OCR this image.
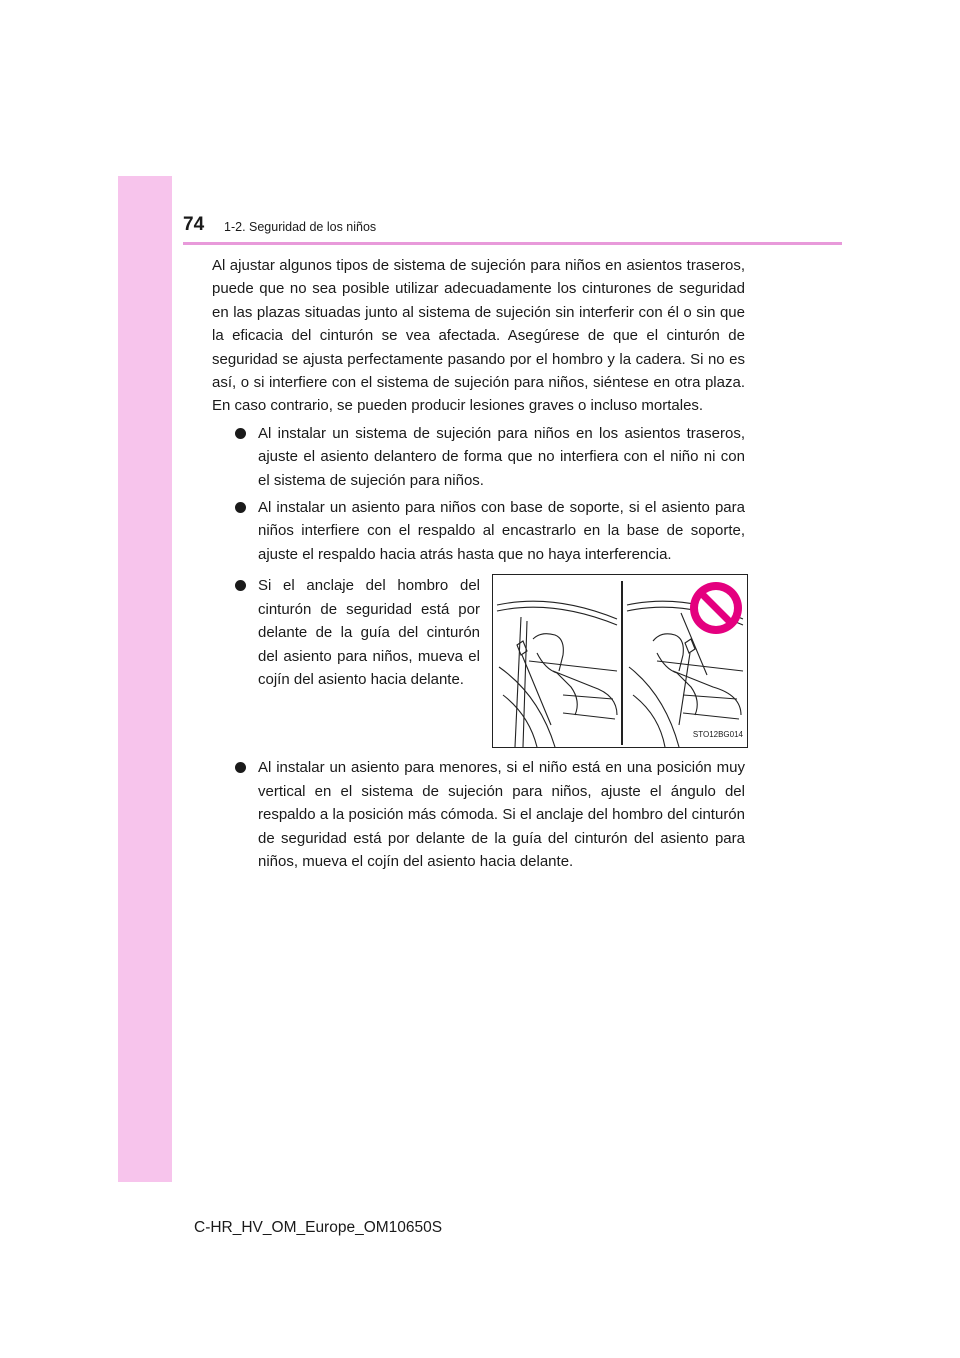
74 1-2. Seguridad de los niños

Al ajustar algunos tipos de sistema de sujeción para niños en asientos traseros, puede que no sea posible utilizar adecuadamente los cinturones de seguridad en las plazas situadas junto al sistema de sujeción sin interferir con él o sin que la eficacia del cinturón se vea afectada. Asegúrese de que el cinturón de seguridad se ajusta perfectamente pasando por el hombro y la cadera. Si no es así, o si interfiere con el sistema de sujeción para niños, siéntese en otra plaza. En caso contrario, se pueden producir lesiones graves o incluso mortales.

Al instalar un sistema de sujeción para niños en los asientos traseros, ajuste el asiento delantero de forma que no interfiera con el niño ni con el sistema de sujeción para niños.
Al instalar un asiento para niños con base de soporte, si el asiento para niños interfiere con el respaldo al encastrarlo en la base de soporte, ajuste el respaldo hacia atrás hasta que no haya interferencia.
Si el anclaje del hombro del cinturón de seguridad está por delante de la guía del cinturón del asiento para niños, mueva el cojín del asiento hacia delante.
STO12BG014
Al instalar un asiento para menores, si el niño está en una posición muy vertical en el sistema de sujeción para niños, ajuste el ángulo del respaldo a la posición más cómoda. Si el anclaje del hombro del cinturón de seguridad está por delante de la guía del cinturón del asiento para niños, mueva el cojín del asiento hacia delante.
C-HR_HV_OM_Europe_OM10650S
